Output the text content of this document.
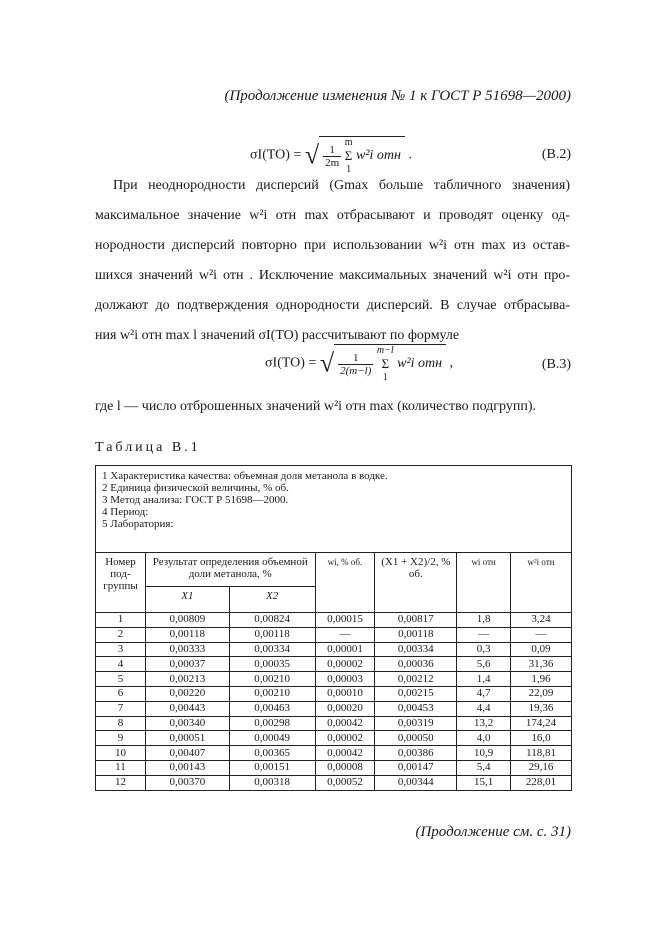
(Продолжение изменения № 1 к ГОСТ Р 51698—2000)
σI(TO) = √ $\frac{1}{2m}$

m
Σ
1
w²i отн .	(B.2)
При неоднородности дисперсий (Gmax больше табличного значения)
максимальное значение w²i отн max отбрасывают и проводят оценку од-
нородности дисперсий повторно при использовании w²i отн max из остав-
шихся значений w²i отн . Исключение максимальных значений w²i отн про-
должают до подтверждения однородности дисперсий. В случае отбрасыва-
ния w²i отн max l значений σI(TO) рассчитывают по формуле
σI(TO) = √ $\frac{1}{2(m-l)}$

m−l
Σ
1
w²i отн ,	(B.3)
где l — число отброшенных значений w²i отн max (количество подгрупп).
Таблица В.1
1 Характеристика качества: объемная доля метанола в водке.
2 Единица физической величины, % об.
3 Метод анализа: ГОСТ Р 51698—2000.
4 Период:
5 Лаборатория:						

Номер под-группы	Результат определения объемной доли метанола, %		wi, % об.	(X1 + X2)/2, % об.	wi отн	w²i отн
	X1	X2				
1	0,00809	0,00824	0,00015	0,00817	1,8	3,24
2	0,00118	0,00118	—	0,00118	—	—
3	0,00333	0,00334	0,00001	0,00334	0,3	0,09
4	0,00037	0,00035	0,00002	0,00036	5,6	31,36
5	0,00213	0,00210	0,00003	0,00212	1,4	1,96
6	0,00220	0,00210	0,00010	0,00215	4,7	22,09
7	0,00443	0,00463	0,00020	0,00453	4,4	19,36
8	0,00340	0,00298	0,00042	0,00319	13,2	174,24
9	0,00051	0,00049	0,00002	0,00050	4,0	16,0
10	0,00407	0,00365	0,00042	0,00386	10,9	118,81
11	0,00143	0,00151	0,00008	0,00147	5,4	29,16
12	0,00370	0,00318	0,00052	0,00344	15,1	228,01
(Продолжение см. с. 31)
